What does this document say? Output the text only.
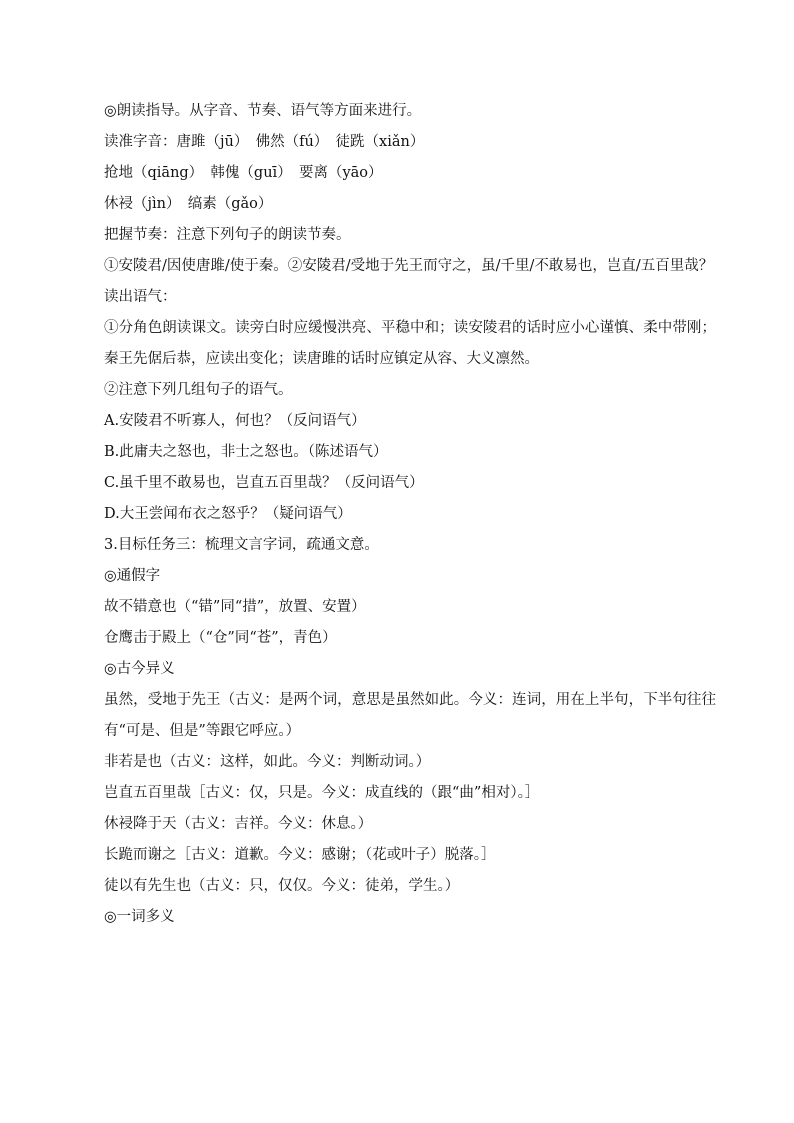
◎朗读指导。从字音、节奏、语气等方面来进行。

读准字音：唐雎（jū）　佛然（fú）　徒跣（xiǎn）

抢地（qiāng）　韩傀（guī）　要离（yāo）

休祲（jìn）　缟素（gǎo）

把握节奏：注意下列句子的朗读节奏。

①安陵君/因使唐雎/使于秦。②安陵君/受地于先王而守之，虽/千里/不敢易也，岂直/五百里哉？

读出语气：

①分角色朗读课文。读旁白时应缓慢洪亮、平稳中和；读安陵君的话时应小心谨慎、柔中带刚；秦王先倨后恭，应读出变化；读唐雎的话时应镇定从容、大义凛然。

②注意下列几组句子的语气。

A.安陵君不听寡人，何也？（反问语气）

B.此庸夫之怒也，非士之怒也。（陈述语气）

C.虽千里不敢易也，岂直五百里哉？（反问语气）

D.大王尝闻布衣之怒乎？（疑问语气）

3.目标任务三：梳理文言字词，疏通文意。

◎通假字

故不错意也（“错”同“措”，放置、安置）

仓鹰击于殿上（“仓”同“苍”，青色）

◎古今异义

虽然，受地于先王（古义：是两个词，意思是虽然如此。今义：连词，用在上半句，下半句往往有“可是、但是”等跟它呼应。）

非若是也（古义：这样，如此。今义：判断动词。）

岂直五百里哉［古义：仅，只是。今义：成直线的（跟“曲”相对）。］

休祲降于天（古义：吉祥。今义：休息。）

长跪而谢之［古义：道歉。今义：感谢；（花或叶子）脱落。］

徒以有先生也（古义：只，仅仅。今义：徒弟，学生。）

◎一词多义
